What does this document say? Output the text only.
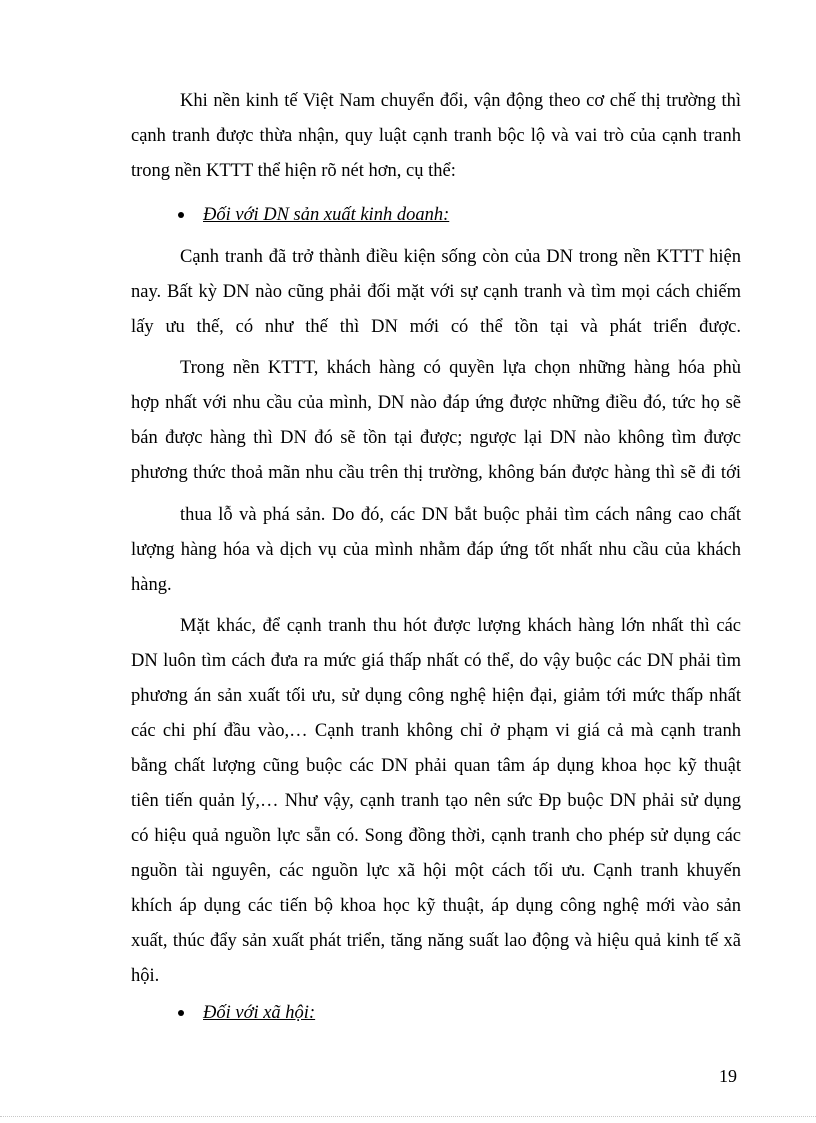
Khi nền kinh tế Việt Nam chuyển đổi, vận động theo cơ chế thị trường thì
cạnh tranh được thừa nhận, quy luật cạnh tranh bộc lộ và vai trò của cạnh tranh
trong nền KTTT thể hiện rõ nét hơn, cụ thể:
Đối với DN sản xuất kinh doanh:
Cạnh tranh đã trở thành điều kiện sống còn của DN trong nền KTTT hiện
nay. Bất kỳ DN nào cũng phải đối mặt với sự cạnh tranh và tìm mọi cách chiếm
lấy ưu thế, có như thế thì DN mới có thể tồn tại và phát triển được.
Trong nền KTTT, khách hàng có quyền lựa chọn những hàng hóa phù
hợp nhất với nhu cầu của mình, DN nào đáp ứng được những điều đó, tức họ sẽ
bán được hàng thì DN đó sẽ tồn tại được; ngược lại DN nào không tìm được
phương thức thoả mãn nhu cầu trên thị trường, không bán được hàng thì sẽ đi tới
thua lỗ và phá sản. Do đó, các DN bắt buộc phải tìm cách nâng cao chất
lượng hàng hóa và dịch vụ của mình nhằm đáp ứng tốt nhất nhu cầu của khách
hàng.
Mặt khác, để cạnh tranh thu hót được lượng khách hàng lớn nhất thì các
DN luôn tìm cách đưa ra mức giá thấp nhất có thể, do vậy buộc các DN phải tìm
phương án sản xuất tối ưu, sử dụng công nghệ hiện đại, giảm tới mức thấp nhất
các chi phí đầu vào,… Cạnh tranh không chỉ ở phạm vi giá cả mà cạnh tranh
bằng chất lượng cũng buộc các DN phải quan tâm áp dụng khoa học kỹ thuật
tiên tiến quản lý,… Như vậy, cạnh tranh tạo nên sức Đp buộc DN phải sử dụng
có hiệu quả nguồn lực sẵn có. Song đồng thời, cạnh tranh cho phép sử dụng các
nguồn tài nguyên, các nguồn lực xã hội một cách tối ưu. Cạnh tranh khuyến
khích áp dụng các tiến bộ khoa học kỹ thuật, áp dụng công nghệ mới vào sản
xuất, thúc đẩy sản xuất phát triển, tăng năng suất lao động và hiệu quả kinh tế xã
hội.
Đối với xã hội:
19
